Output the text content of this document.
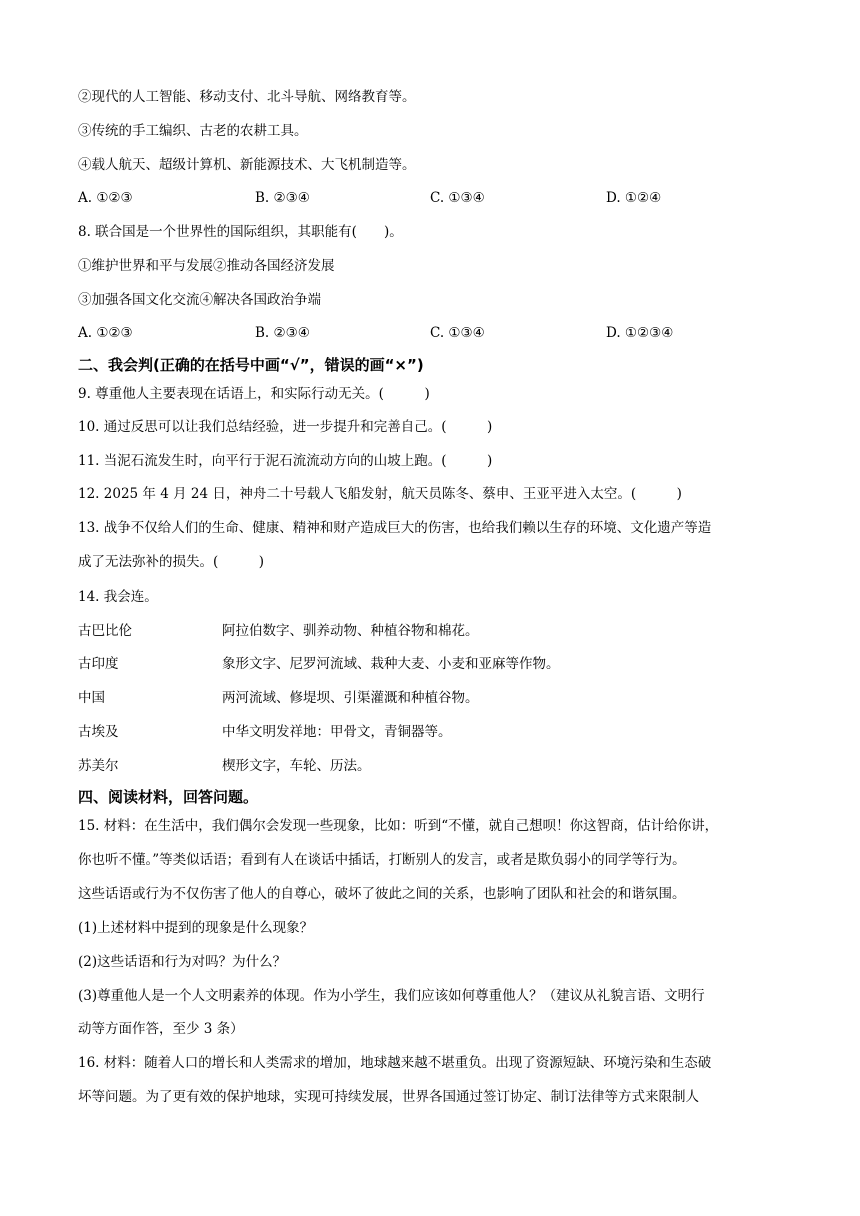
②现代的人工智能、移动支付、北斗导航、网络教育等。
③传统的手工编织、古老的农耕工具。
④载人航天、超级计算机、新能源技术、大飞机制造等。
A. ①②③	B. ②③④	C. ①③④	D. ①②④
8. 联合国是一个世界性的国际组织，其职能有(　　)。
①维护世界和平与发展②推动各国经济发展
③加强各国文化交流④解决各国政治争端
A. ①②③	B. ②③④	C. ①③④	D. ①②③④
二、我会判(正确的在括号中画“√”，错误的画“×”)
9. 尊重他人主要表现在话语上，和实际行动无关。(　　　)
10. 通过反思可以让我们总结经验，进一步提升和完善自己。(　　　)
11. 当泥石流发生时，向平行于泥石流流动方向的山坡上跑。(　　　)
12. 2025 年 4 月 24 日，神舟二十号载人飞船发射，航天员陈冬、蔡申、王亚平进入太空。(　　　)
13. 战争不仅给人们的生命、健康、精神和财产造成巨大的伤害，也给我们赖以生存的环境、文化遗产等造
成了无法弥补的损失。(　　　)
14. 我会连。
古巴比伦	阿拉伯数字、驯养动物、种植谷物和棉花。
古印度	象形文字、尼罗河流域、栽种大麦、小麦和亚麻等作物。
中国	两河流域、修堤坝、引渠灌溉和种植谷物。
古埃及	中华文明发祥地：甲骨文，青铜器等。
苏美尔	楔形文字，车轮、历法。
四、阅读材料，回答问题。
15. 材料：在生活中，我们偶尔会发现一些现象，比如：听到“不懂，就自己想呗！你这智商，估计给你讲，
你也听不懂。”等类似话语；看到有人在谈话中插话，打断别人的发言，或者是欺负弱小的同学等行为。
这些话语或行为不仅伤害了他人的自尊心，破坏了彼此之间的关系，也影响了团队和社会的和谐氛围。
(1)上述材料中提到的现象是什么现象？
(2)这些话语和行为对吗？为什么？
(3)尊重他人是一个人文明素养的体现。作为小学生，我们应该如何尊重他人？（建议从礼貌言语、文明行
动等方面作答，至少 3 条）
16. 材料：随着人口的增长和人类需求的增加，地球越来越不堪重负。出现了资源短缺、环境污染和生态破
坏等问题。为了更有效的保护地球，实现可持续发展，世界各国通过签订协定、制订法律等方式来限制人
